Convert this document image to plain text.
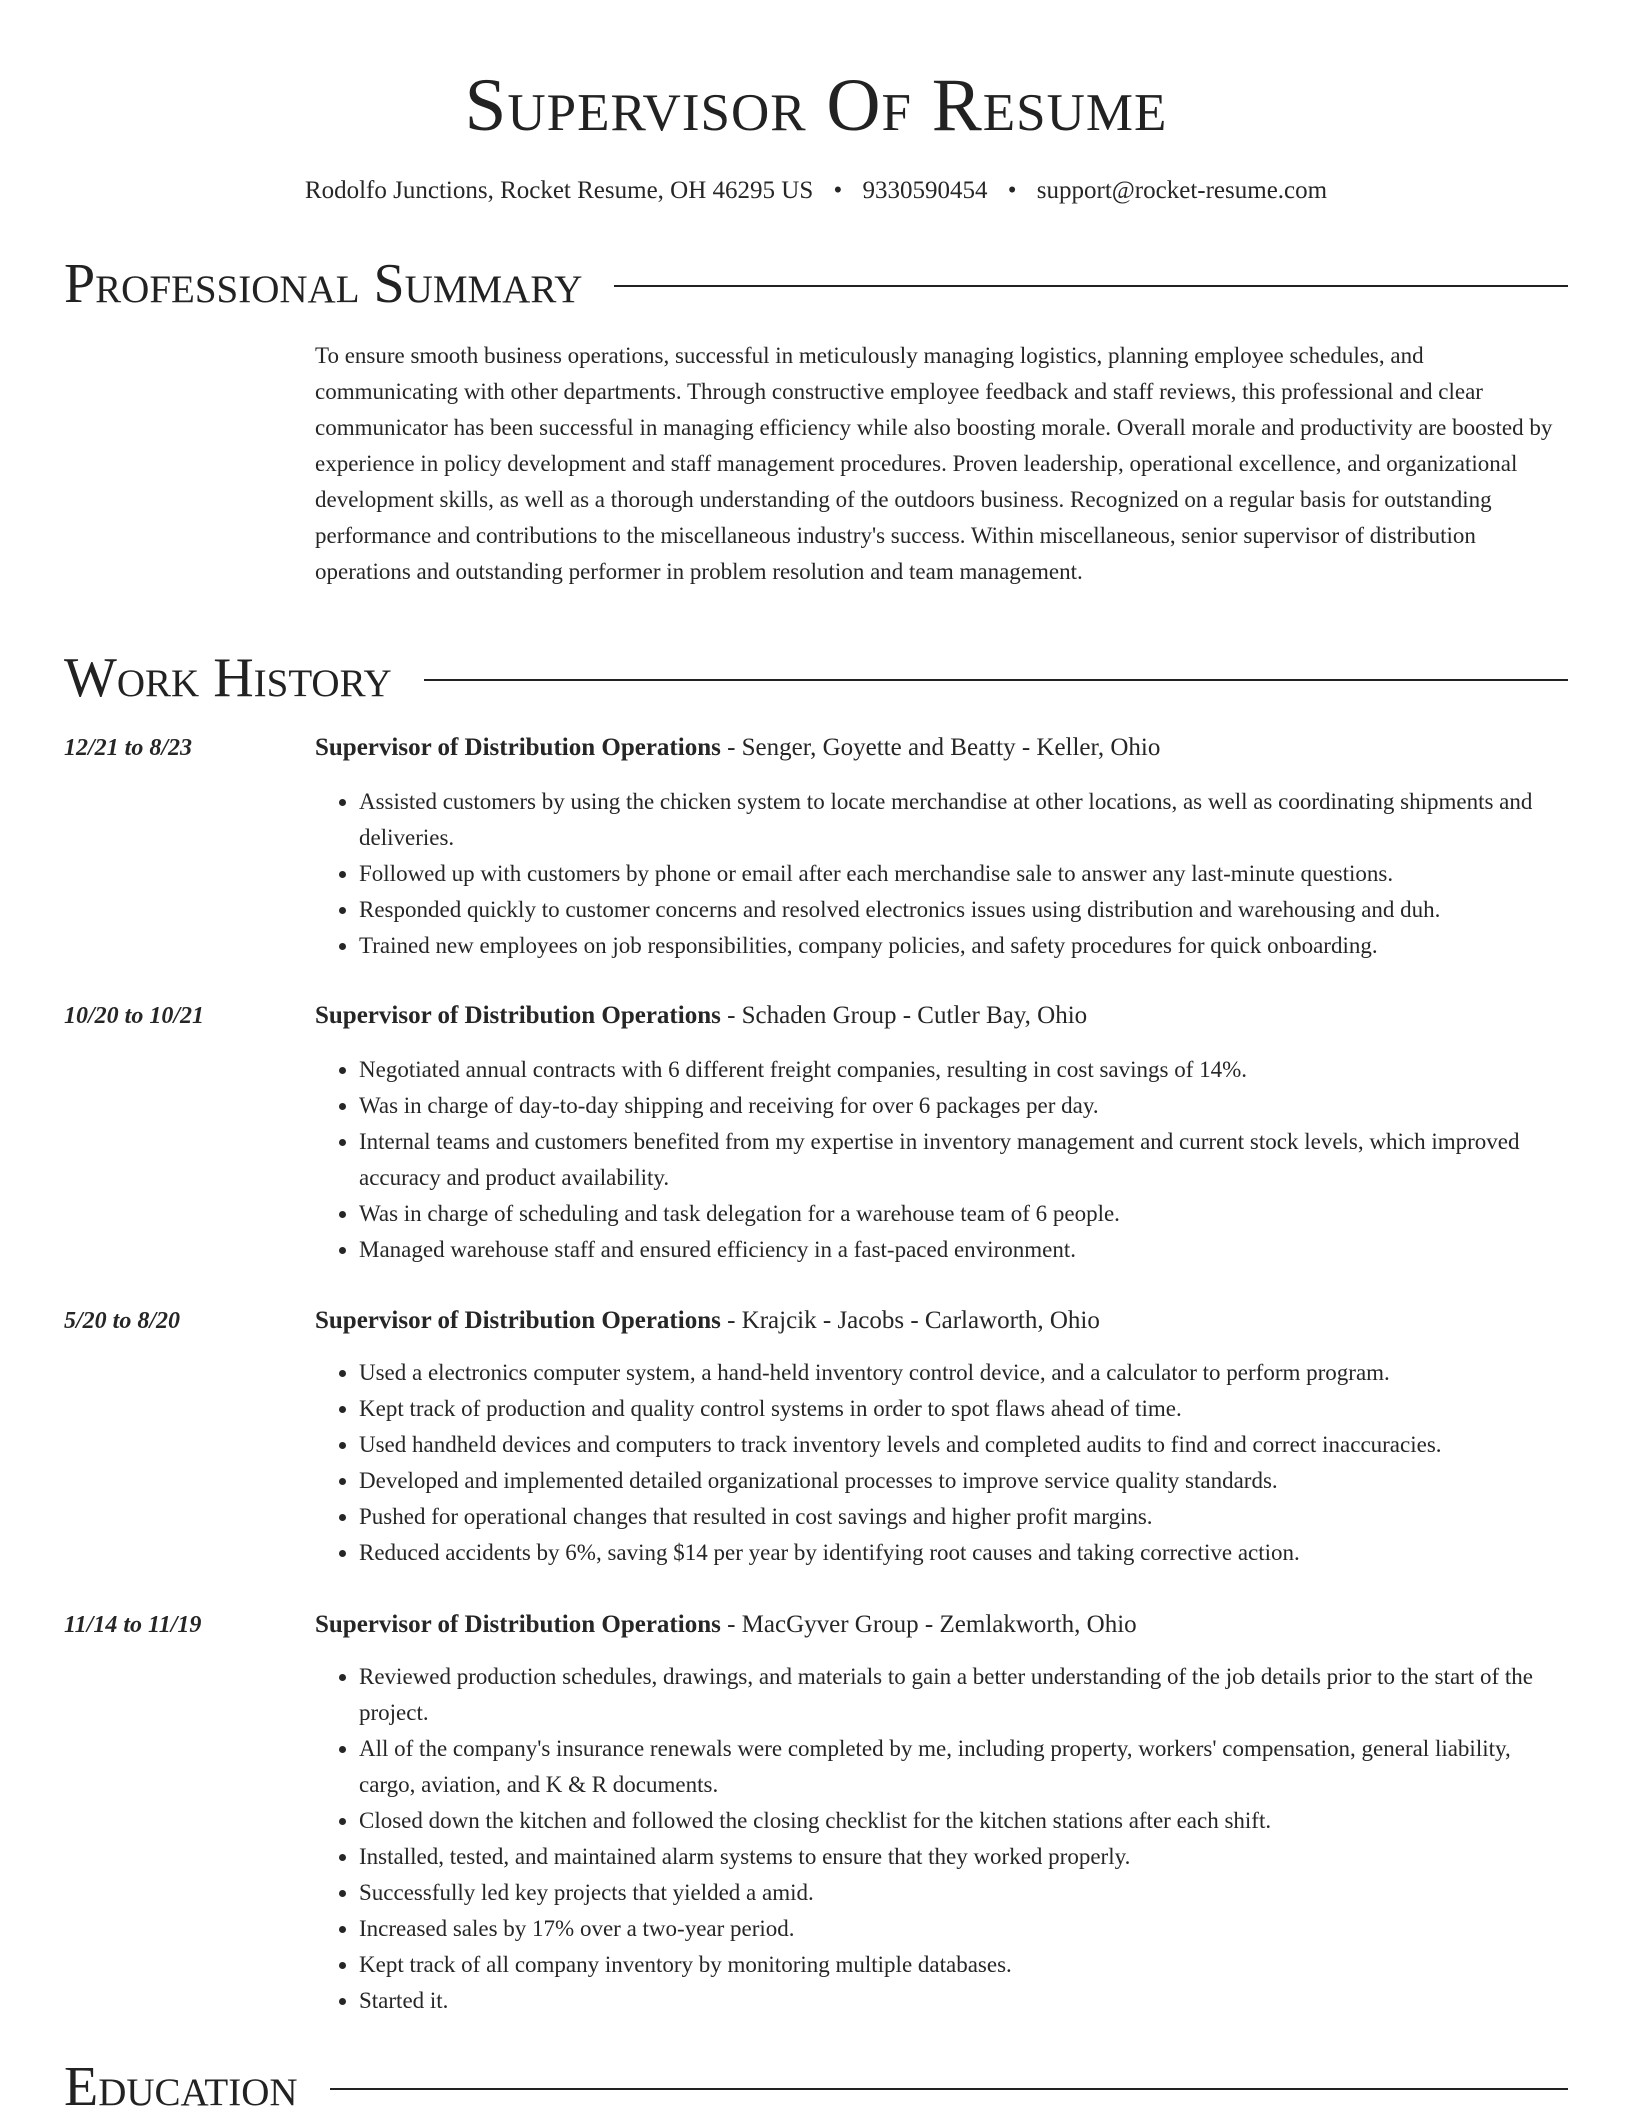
Supervisor Of Resume
Rodolfo Junctions, Rocket Resume, OH 46295 US • 9330590454 • support@rocket-resume.com
Professional Summary

To ensure smooth business operations, successful in meticulously managing logistics, planning employee schedules, and communicating with other departments. Through constructive employee feedback and staff reviews, this professional and clear communicator has been successful in managing efficiency while also boosting morale. Overall morale and productivity are boosted by experience in policy development and staff management procedures. Proven leadership, operational excellence, and organizational development skills, as well as a thorough understanding of the outdoors business. Recognized on a regular basis for outstanding performance and contributions to the miscellaneous industry's success. Within miscellaneous, senior supervisor of distribution operations and outstanding performer in problem resolution and team management.

Work History
12/21 to 8/23	Supervisor of Distribution Operations - Senger, Goyette and Beatty - Keller, Ohio
• Assisted customers by using the chicken system to locate merchandise at other locations, as well as coordinating shipments and deliveries.
• Followed up with customers by phone or email after each merchandise sale to answer any last-minute questions.
• Responded quickly to customer concerns and resolved electronics issues using distribution and warehousing and duh.
• Trained new employees on job responsibilities, company policies, and safety procedures for quick onboarding.
10/20 to 10/21	Supervisor of Distribution Operations - Schaden Group - Cutler Bay, Ohio
• Negotiated annual contracts with 6 different freight companies, resulting in cost savings of 14%.
• Was in charge of day-to-day shipping and receiving for over 6 packages per day.
• Internal teams and customers benefited from my expertise in inventory management and current stock levels, which improved accuracy and product availability.
• Was in charge of scheduling and task delegation for a warehouse team of 6 people.
• Managed warehouse staff and ensured efficiency in a fast-paced environment.
5/20 to 8/20	Supervisor of Distribution Operations - Krajcik - Jacobs - Carlaworth, Ohio
• Used a electronics computer system, a hand-held inventory control device, and a calculator to perform program.
• Kept track of production and quality control systems in order to spot flaws ahead of time.
• Used handheld devices and computers to track inventory levels and completed audits to find and correct inaccuracies.
• Developed and implemented detailed organizational processes to improve service quality standards.
• Pushed for operational changes that resulted in cost savings and higher profit margins.
• Reduced accidents by 6%, saving $14 per year by identifying root causes and taking corrective action.
11/14 to 11/19	Supervisor of Distribution Operations - MacGyver Group - Zemlakworth, Ohio
• Reviewed production schedules, drawings, and materials to gain a better understanding of the job details prior to the start of the project.
• All of the company's insurance renewals were completed by me, including property, workers' compensation, general liability, cargo, aviation, and K & R documents.
• Closed down the kitchen and followed the closing checklist for the kitchen stations after each shift.
• Installed, tested, and maintained alarm systems to ensure that they worked properly.
• Successfully led key projects that yielded a amid.
• Increased sales by 17% over a two-year period.
• Kept track of all company inventory by monitoring multiple databases.
• Started it.
Education
